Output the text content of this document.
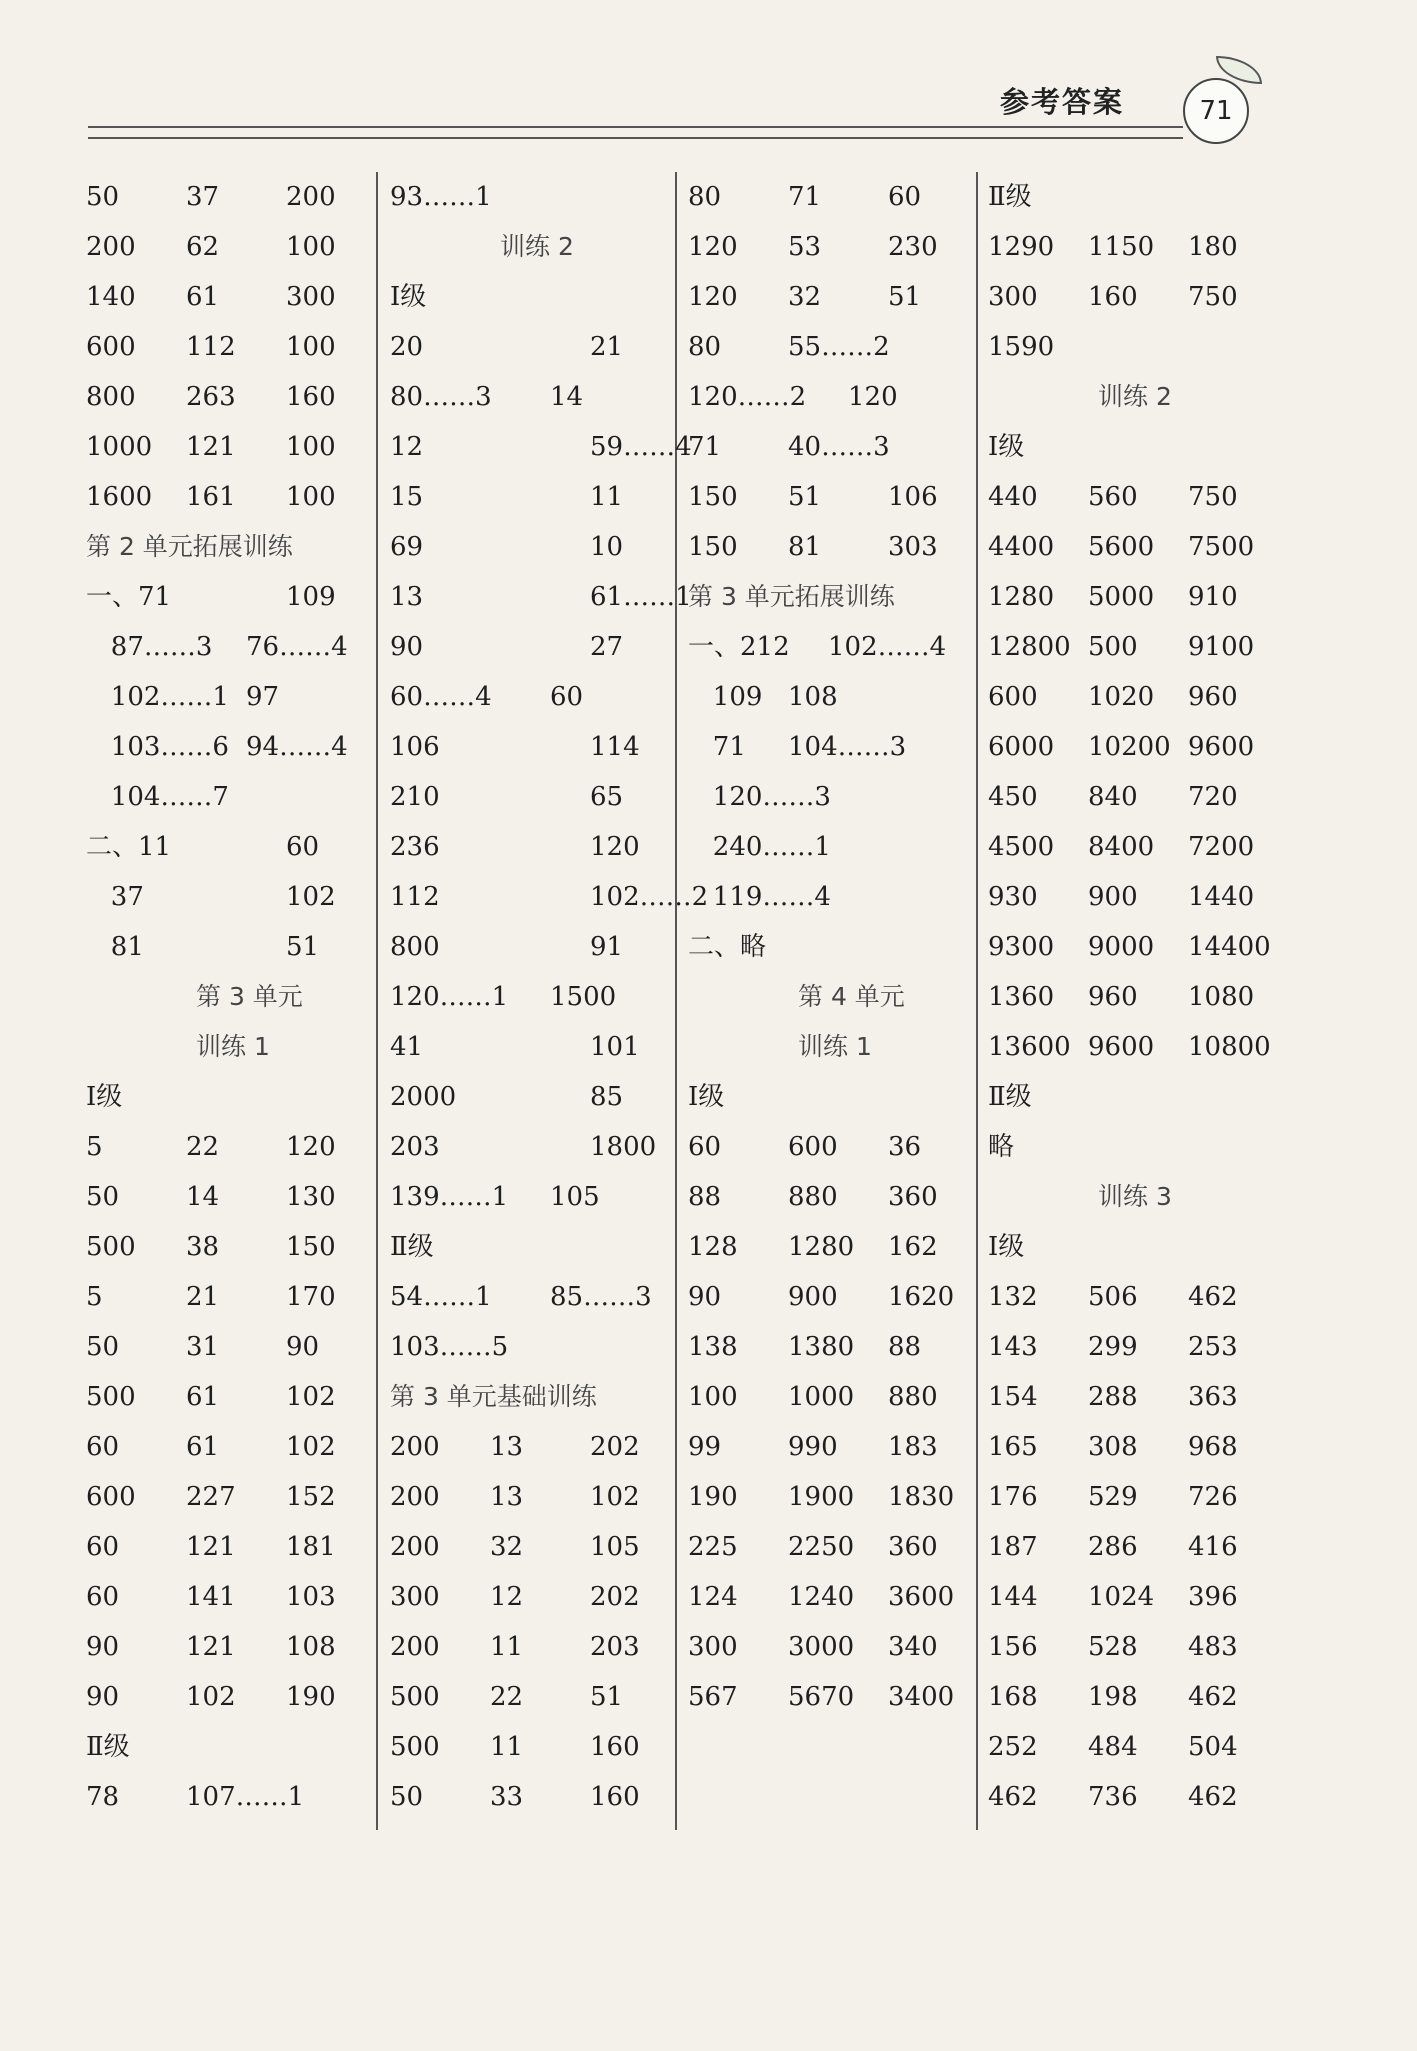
参考答案	71
50	37	200
200 62	100
140 61	300
600 112 100
800 263 160
1000 121 100
1600 161 100
第 2 单元拓展训练
一、71	109
87……3 76……4
102……1 97
103……6 94……4
104……7
二、11	60
37	102
81	51
第 3 单元
训练 1
Ⅰ级
5	22	120
50	14	130
500 38	150
5	21	170
50	31	90
500 61	102
60	61	102
600 227 152
60	121 181
60	141 103
90	121 108
90	102 190
Ⅱ级
78	107……1
93……1
训练 2
Ⅰ级
20	21
80……3 14
12	59……4
15	11
69	10
13	61……1
90	27
60……4 60
106	114
210	65
236	120
112	102……2
800	91
120……1 1500
41	101
2000	85
203	1800
139……1 105
Ⅱ级
54……1 85……3
103……5
第 3 单元基础训练
200 13	202
200 13	102
200 32	105
300 12	202
200 11	203
500 22	51
500 11	160
50	33	160
80	71	60
120 53	230
120 32	51
80	55……2
120……2 120
71	40……3
150 51	106
150 81	303
第 3 单元拓展训练
一、212 102……4
109 108
71 104……3
120……3
240……1
119……4
二、略
第 4 单元
训练 1
Ⅰ级
60	600 36
88	880 360
128 1280 162
90	900 1620
138 1380 88
100 1000 880
99	990 183
190 1900 1830
225 2250 360
124 1240 3600
300 3000 340
567 5670 3400
Ⅱ级
1290 1150 180
300 160 750
1590
训练 2
Ⅰ级
440 560 750
4400 5600 7500
1280 5000 910
12800 500 9100
600 1020 960
6000 10200 9600
450 840 720
4500 8400 7200
930 900 1440
9300 9000 14400
1360 960 1080
13600 9600 10800
Ⅱ级
略
训练 3
Ⅰ级
132 506 462
143 299 253
154 288 363
165 308 968
176 529 726
187 286 416
144 1024 396
156 528 483
168 198 462
252 484 504
462 736 462
